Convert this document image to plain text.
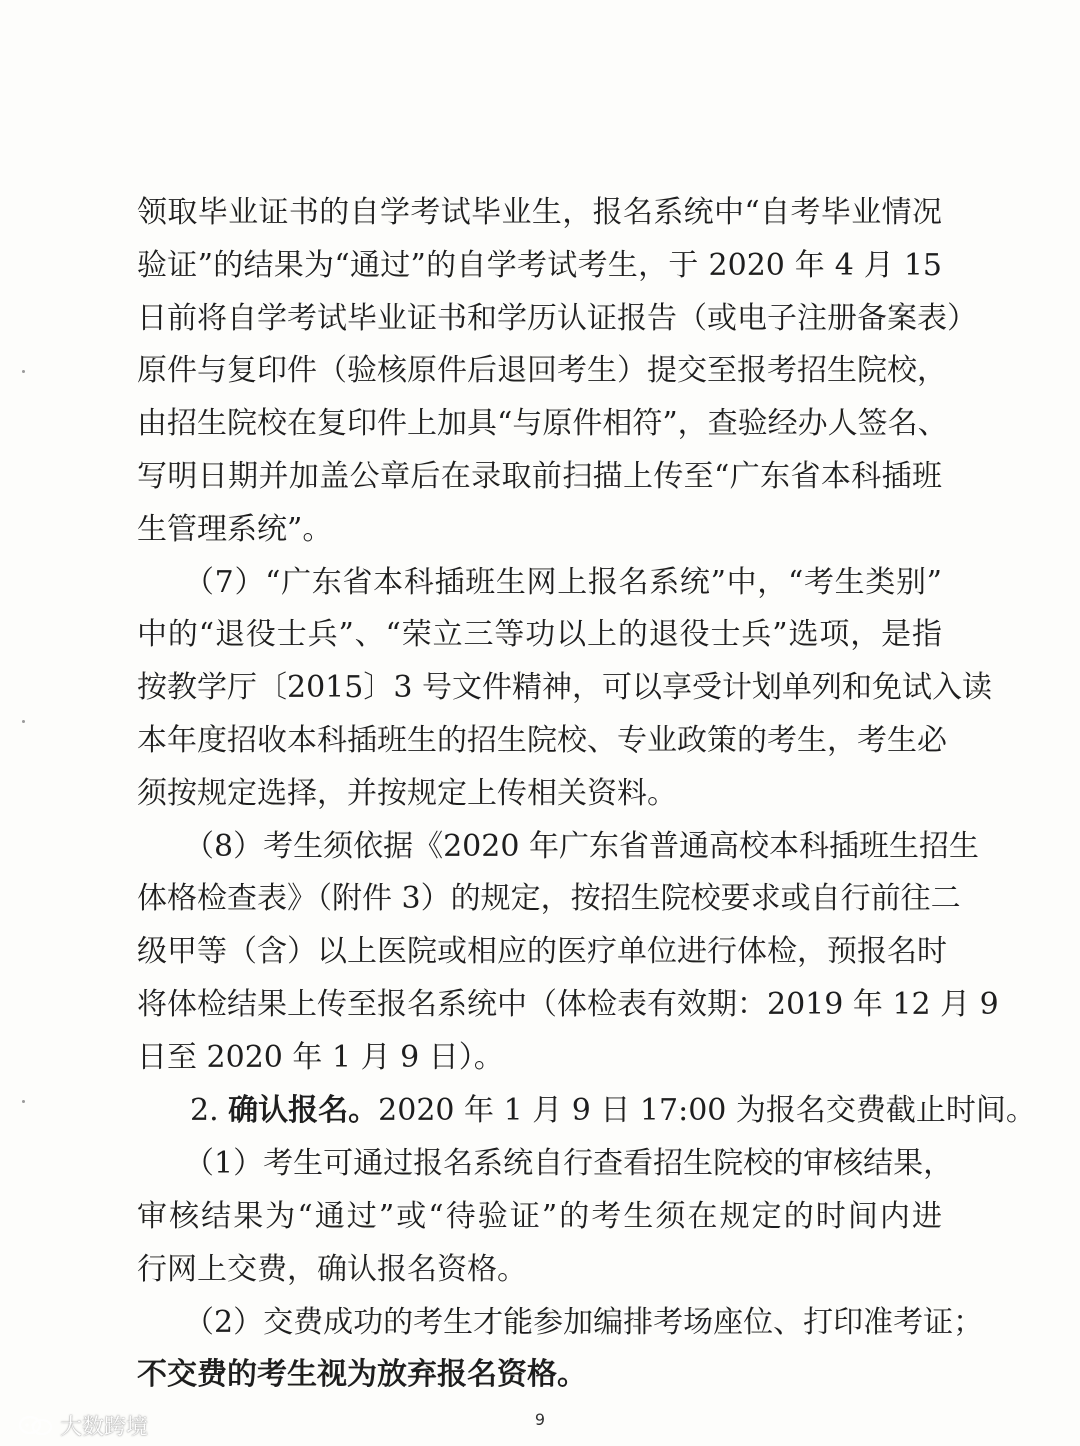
领取毕业证书的自学考试毕业生，报名系统中“自考毕业情况
验证”的结果为“通过”的自学考试考生，于 2020 年 4 月 15
日前将自学考试毕业证书和学历认证报告（或电子注册备案表）
原件与复印件（验核原件后退回考生）提交至报考招生院校，
由招生院校在复印件上加具“与原件相符”，查验经办人签名、
写明日期并加盖公章后在录取前扫描上传至“广东省本科插班
生管理系统”。
（7）“广东省本科插班生网上报名系统”中，“考生类别”
中的“退役士兵”、“荣立三等功以上的退役士兵”选项，是指
按教学厅〔2015〕3 号文件精神，可以享受计划单列和免试入读
本年度招收本科插班生的招生院校、专业政策的考生，考生必
须按规定选择，并按规定上传相关资料。
（8）考生须依据《2020 年广东省普通高校本科插班生招生
体格检查表》（附件 3）的规定，按招生院校要求或自行前往二
级甲等（含）以上医院或相应的医疗单位进行体检，预报名时
将体检结果上传至报名系统中（体检表有效期：2019 年 12 月 9
日至 2020 年 1 月 9 日）。
2. 确认报名。2020 年 1 月 9 日 17:00 为报名交费截止时间。
（1）考生可通过报名系统自行查看招生院校的审核结果，
审核结果为“通过”或“待验证”的考生须在规定的时间内进
行网上交费，确认报名资格。
（2）交费成功的考生才能参加编排考场座位、打印准考证；
不交费的考生视为放弃报名资格。
大数跨境	9
